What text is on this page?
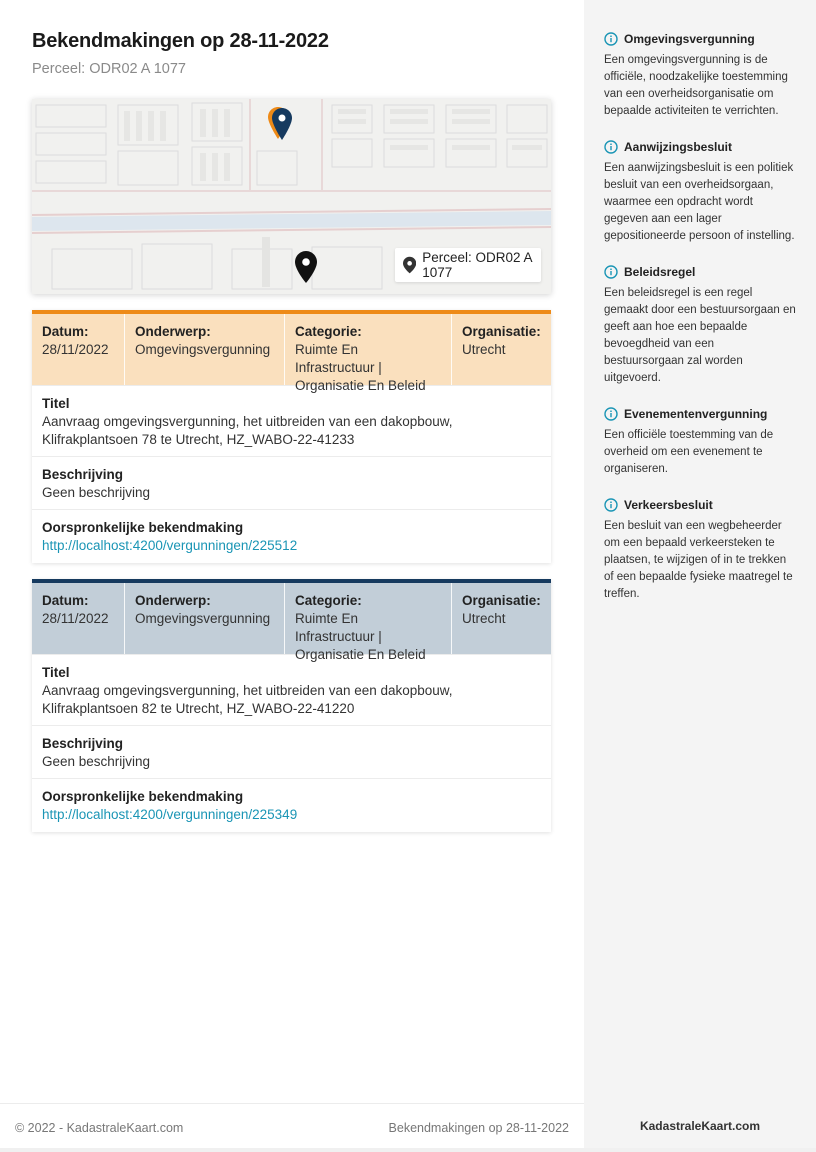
Bekendmakingen op 28-11-2022
Perceel: ODR02 A 1077
Perceel: ODR02 A 1077
Datum:
28/11/2022
Onderwerp:
Omgevingsvergunning
Categorie:
Ruimte En Infrastructuur | Organisatie En Beleid
Organisatie:
Utrecht
Titel
Aanvraag omgevingsvergunning, het uitbreiden van een dakopbouw, Klifrakplantsoen 78 te Utrecht, HZ_WABO-22-41233
Beschrijving
Geen beschrijving
Oorspronkelijke bekendmaking
http://localhost:4200/vergunningen/225512
Datum:
28/11/2022
Onderwerp:
Omgevingsvergunning
Categorie:
Ruimte En Infrastructuur | Organisatie En Beleid
Organisatie:
Utrecht
Titel
Aanvraag omgevingsvergunning, het uitbreiden van een dakopbouw, Klifrakplantsoen 82 te Utrecht, HZ_WABO-22-41220
Beschrijving
Geen beschrijving
Oorspronkelijke bekendmaking
http://localhost:4200/vergunningen/225349
Omgevingsvergunning
Een omgevingsvergunning is de officiële, noodzakelijke toestemming van een overheidsorganisatie om bepaalde activiteiten te verrichten.
Aanwijzingsbesluit
Een aanwijzingsbesluit is een politiek besluit van een overheidsorgaan, waarmee een opdracht wordt gegeven aan een lager gepositioneerde persoon of instelling.
Beleidsregel
Een beleidsregel is een regel gemaakt door een bestuursorgaan en geeft aan hoe een bepaalde bevoegdheid van een bestuursorgaan zal worden uitgevoerd.
Evenementenvergunning
Een officiële toestemming van de overheid om een evenement te organiseren.
Verkeersbesluit
Een besluit van een wegbeheerder om een bepaald verkeersteken te plaatsen, te wijzigen of in te trekken of een bepaalde fysieke maatregel te treffen.
© 2022 - KadastraleKaart.com	Bekendmakingen op 28-11-2022	KadastraleKaart.com
